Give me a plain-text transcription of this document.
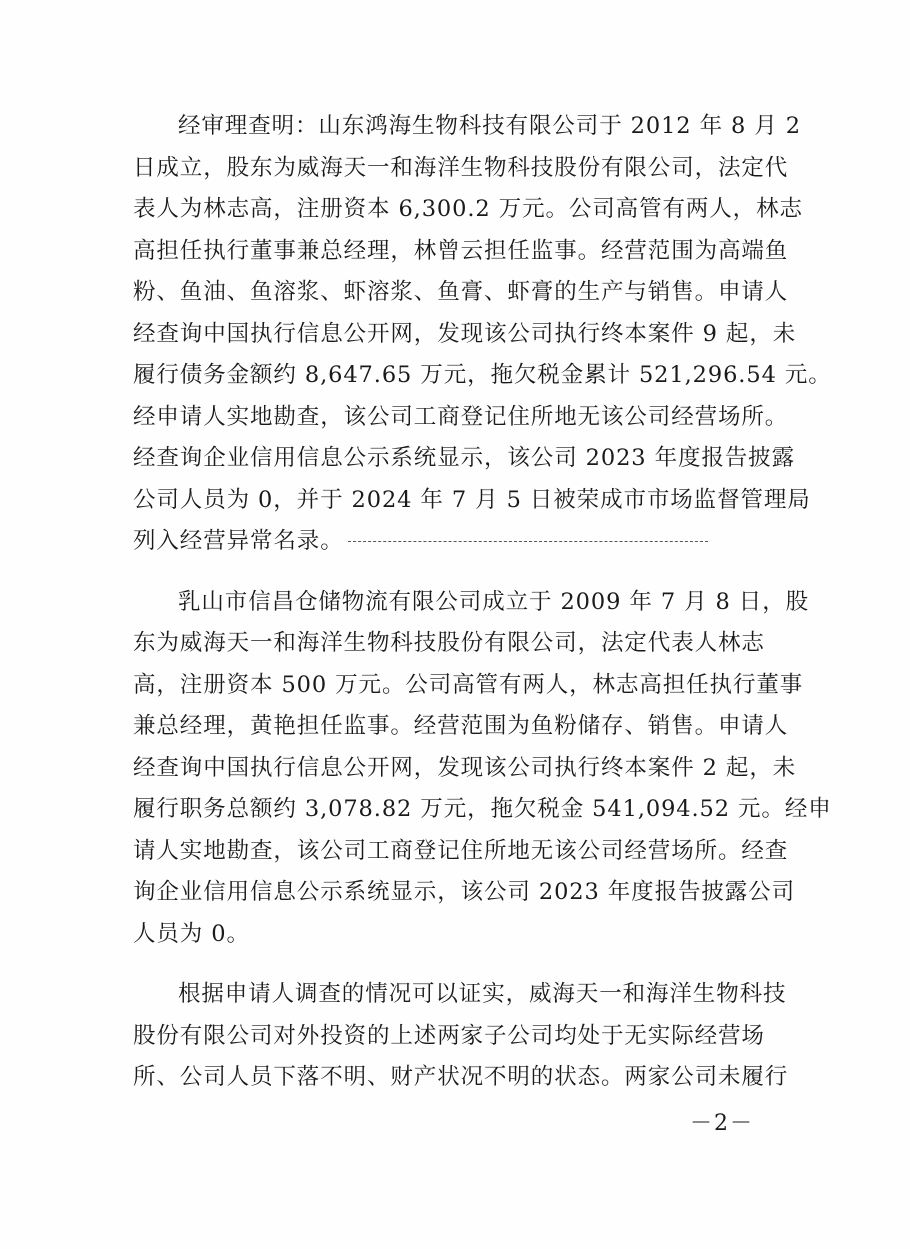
经审理查明：山东鸿海生物科技有限公司于 2012 年 8 月 2
日成立，股东为威海天一和海洋生物科技股份有限公司，法定代
表人为林志高，注册资本 6,300.2 万元。公司高管有两人，林志
高担任执行董事兼总经理，林曾云担任监事。经营范围为高端鱼
粉、鱼油、鱼溶浆、虾溶浆、鱼膏、虾膏的生产与销售。申请人
经查询中国执行信息公开网，发现该公司执行终本案件 9 起，未
履行债务金额约 8,647.65 万元，拖欠税金累计 521,296.54 元。
经申请人实地勘查，该公司工商登记住所地无该公司经营场所。
经查询企业信用信息公示系统显示，该公司 2023 年度报告披露
公司人员为 0，并于 2024 年 7 月 5 日被荣成市市场监督管理局
列入经营异常名录。

乳山市信昌仓储物流有限公司成立于 2009 年 7 月 8 日，股
东为威海天一和海洋生物科技股份有限公司，法定代表人林志
高，注册资本 500 万元。公司高管有两人，林志高担任执行董事
兼总经理，黄艳担任监事。经营范围为鱼粉储存、销售。申请人
经查询中国执行信息公开网，发现该公司执行终本案件 2 起，未
履行职务总额约 3,078.82 万元，拖欠税金 541,094.52 元。经申
请人实地勘查，该公司工商登记住所地无该公司经营场所。经查
询企业信用信息公示系统显示，该公司 2023 年度报告披露公司
人员为 0。

根据申请人调查的情况可以证实，威海天一和海洋生物科技
股份有限公司对外投资的上述两家子公司均处于无实际经营场
所、公司人员下落不明、财产状况不明的状态。两家公司未履行

－2－
